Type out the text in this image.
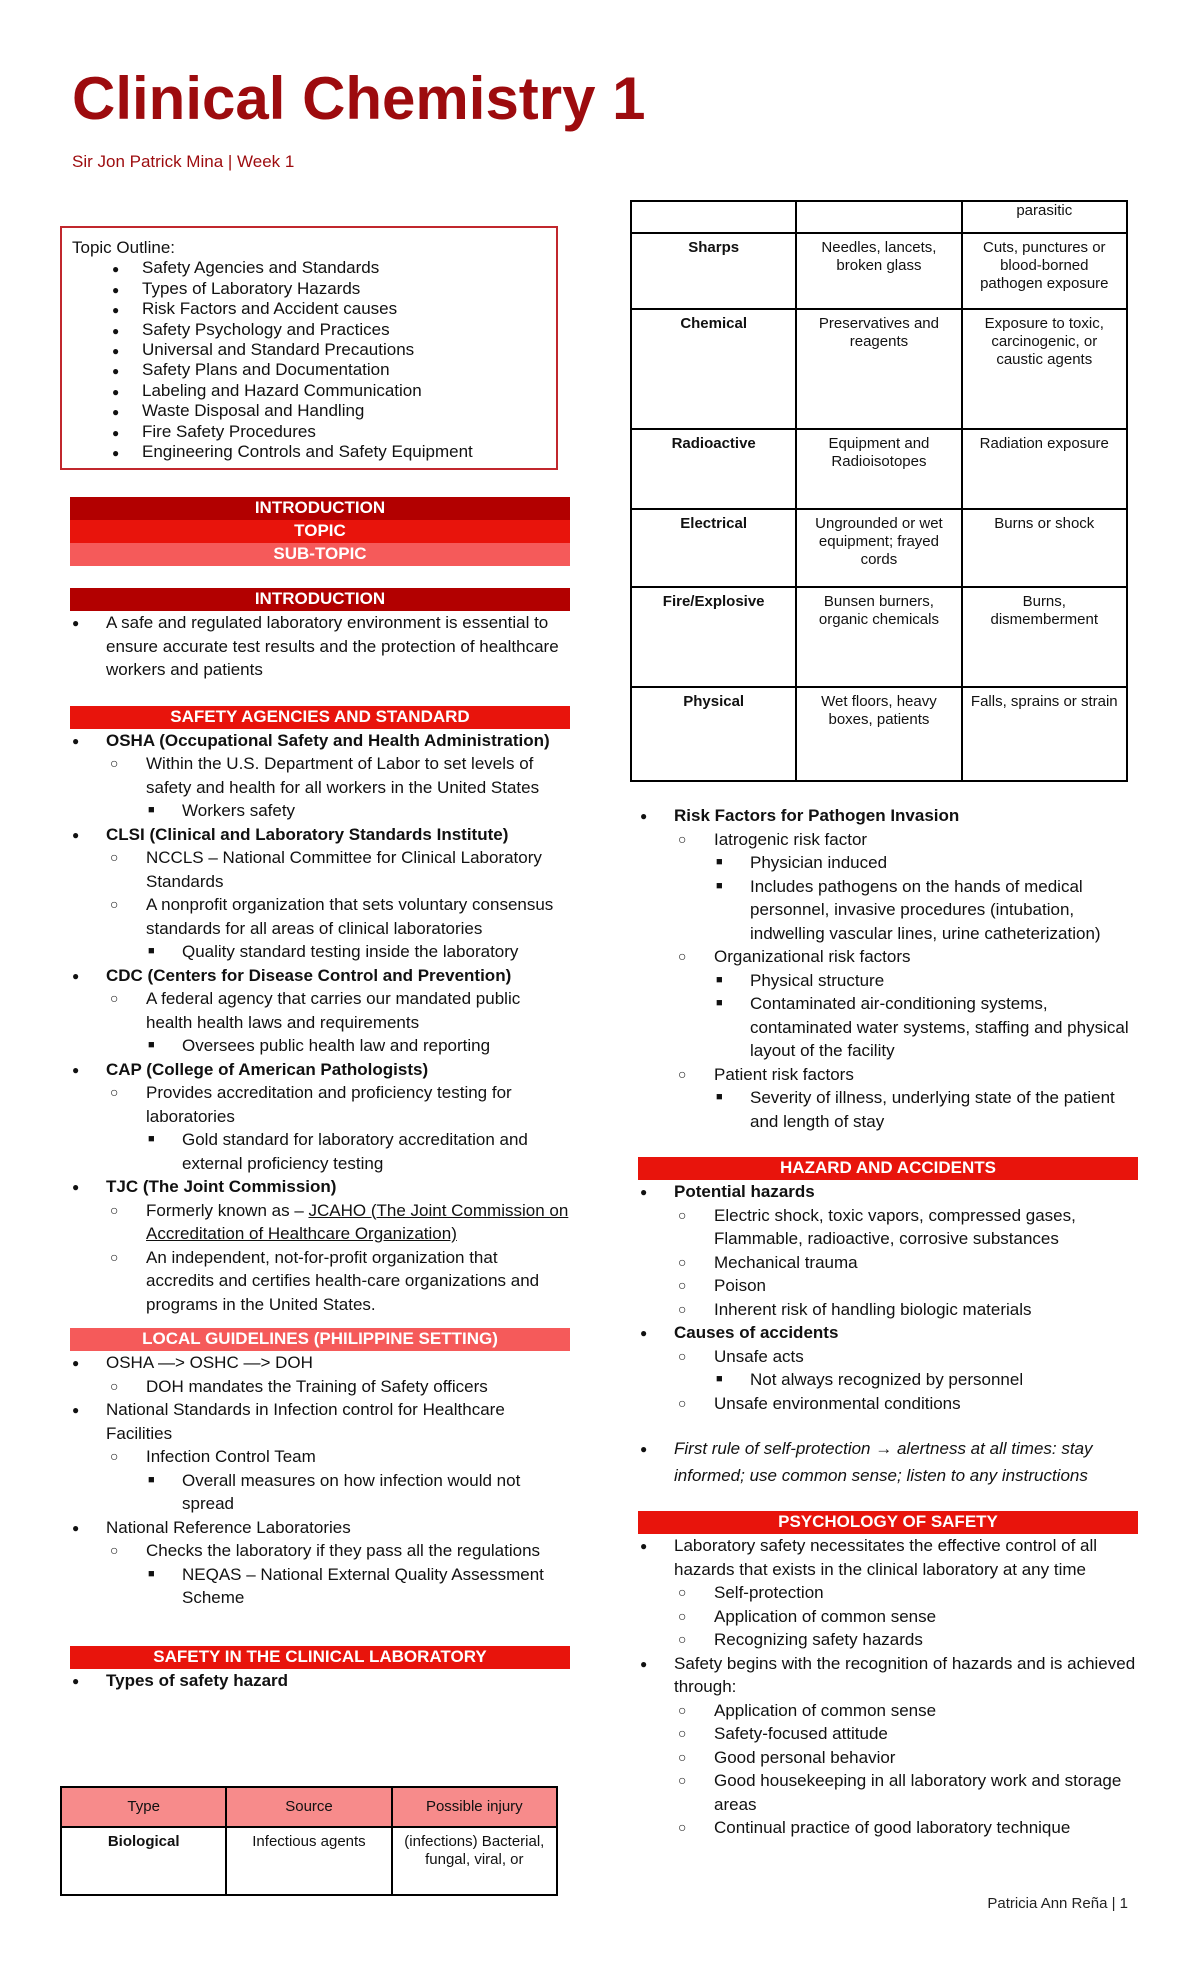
Clinical Chemistry 1
Sir Jon Patrick Mina | Week 1
Topic Outline:
● Safety Agencies and Standards
● Types of Laboratory Hazards
● Risk Factors and Accident causes
● Safety Psychology and Practices
● Universal and Standard Precautions
● Safety Plans and Documentation
● Labeling and Hazard Communication
● Waste Disposal and Handling
● Fire Safety Procedures
● Engineering Controls and Safety Equipment
INTRODUCTION
TOPIC
SUB-TOPIC
INTRODUCTION
● A safe and regulated laboratory environment is essential to ensure accurate test results and the protection of healthcare workers and patients
SAFETY AGENCIES AND STANDARD
● OSHA (Occupational Safety and Health Administration)
○ Within the U.S. Department of Labor to set levels of safety and health for all workers in the United States
■ Workers safety
● CLSI (Clinical and Laboratory Standards Institute)
○ NCCLS – National Committee for Clinical Laboratory Standards
○ A nonprofit organization that sets voluntary consensus standards for all areas of clinical laboratories
■ Quality standard testing inside the laboratory
● CDC (Centers for Disease Control and Prevention)
○ A federal agency that carries our mandated public health health laws and requirements
■ Oversees public health law and reporting
● CAP (College of American Pathologists)
○ Provides accreditation and proficiency testing for laboratories
■ Gold standard for laboratory accreditation and external proficiency testing
● TJC (The Joint Commission)
○ Formerly known as – JCAHO (The Joint Commission on Accreditation of Healthcare Organization)
○ An independent, not-for-profit organization that accredits and certifies health-care organizations and programs in the United States.
LOCAL GUIDELINES (PHILIPPINE SETTING)
● OSHA —> OSHC —> DOH
○ DOH mandates the Training of Safety officers
● National Standards in Infection control for Healthcare Facilities
○ Infection Control Team
■ Overall measures on how infection would not spread
● National Reference Laboratories
○ Checks the laboratory if they pass all the regulations
■ NEQAS – National External Quality Assessment Scheme
SAFETY IN THE CLINICAL LABORATORY
● Types of safety hazard
Type	Source	Possible injury
Biological	Infectious agents	(infections) Bacterial, fungal, viral, or
		parasitic
Sharps	Needles, lancets, broken glass	Cuts, punctures or blood-borned pathogen exposure
Chemical	Preservatives and reagents	Exposure to toxic, carcinogenic, or caustic agents
Radioactive	Equipment and Radioisotopes	Radiation exposure
Electrical	Ungrounded or wet equipment; frayed cords	Burns or shock
Fire/Explosive	Bunsen burners, organic chemicals	Burns, dismemberment
Physical	Wet floors, heavy boxes, patients	Falls, sprains or strain
● Risk Factors for Pathogen Invasion
○ Iatrogenic risk factor
■ Physician induced
■ Includes pathogens on the hands of medical personnel, invasive procedures (intubation, indwelling vascular lines, urine catheterization)
○ Organizational risk factors
■ Physical structure
■ Contaminated air-conditioning systems, contaminated water systems, staffing and physical layout of the facility
○ Patient risk factors
■ Severity of illness, underlying state of the patient and length of stay
HAZARD AND ACCIDENTS
● Potential hazards
○ Electric shock, toxic vapors, compressed gases, Flammable, radioactive, corrosive substances
○ Mechanical trauma
○ Poison
○ Inherent risk of handling biologic materials
● Causes of accidents
○ Unsafe acts
■ Not always recognized by personnel
○ Unsafe environmental conditions
● First rule of self-protection → alertness at all times: stay informed; use common sense; listen to any instructions
PSYCHOLOGY OF SAFETY
● Laboratory safety necessitates the effective control of all hazards that exists in the clinical laboratory at any time
○ Self-protection
○ Application of common sense
○ Recognizing safety hazards
● Safety begins with the recognition of hazards and is achieved through:
○ Application of common sense
○ Safety-focused attitude
○ Good personal behavior
○ Good housekeeping in all laboratory work and storage areas
○ Continual practice of good laboratory technique
Patricia Ann Reña | 1
